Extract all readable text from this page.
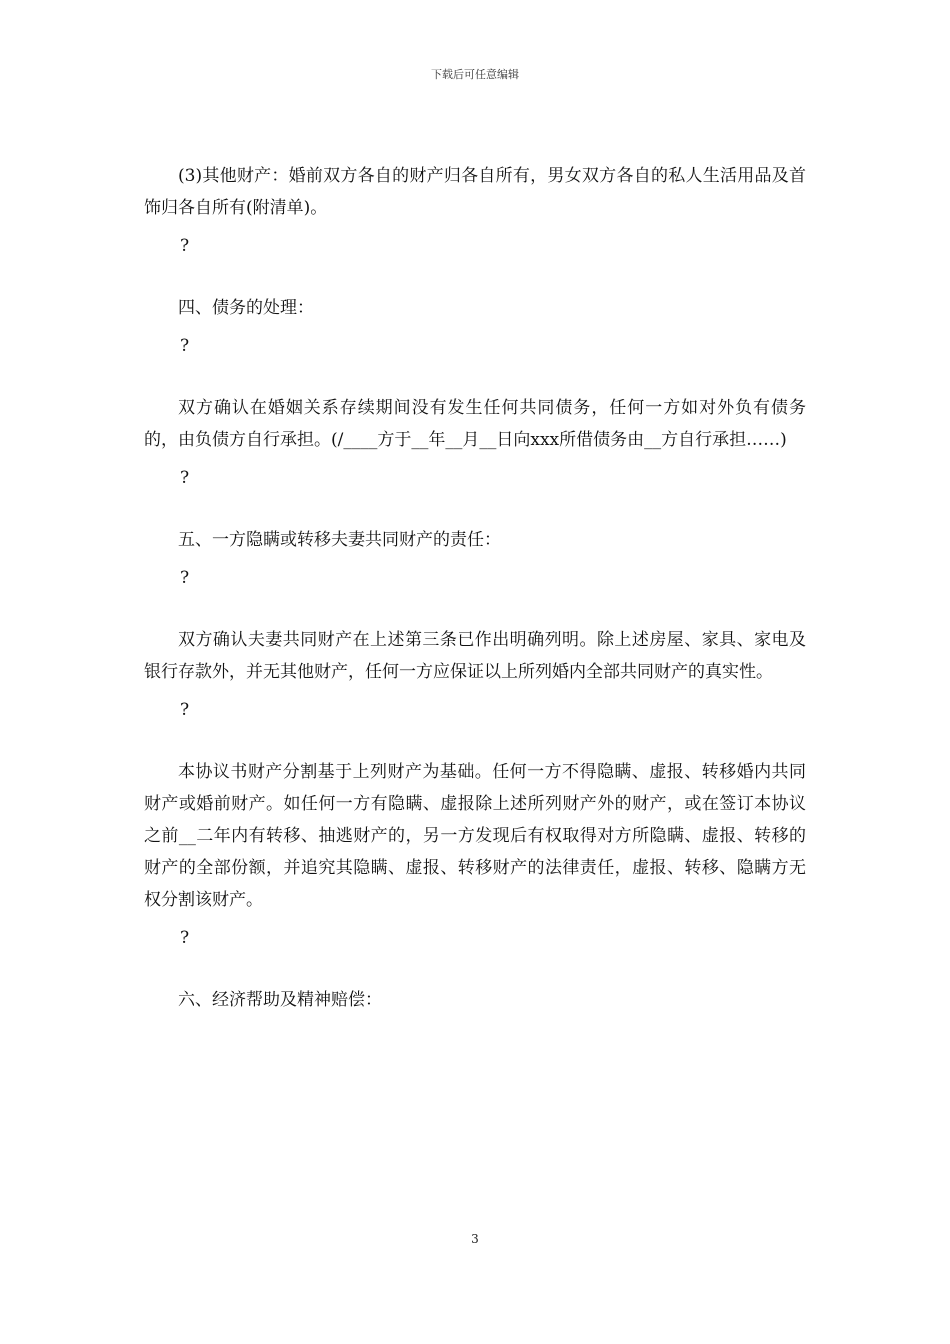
下载后可任意编辑

(3)其他财产：婚前双方各自的财产归各自所有，男女双方各自的私人生活用品及首饰归各自所有(附清单)。

?

四、债务的处理：

?

双方确认在婚姻关系存续期间没有发生任何共同债务，任何一方如对外负有债务的，由负债方自行承担。(/____方于__年__月__日向xxx所借债务由__方自行承担……)

?

五、一方隐瞒或转移夫妻共同财产的责任：

?

双方确认夫妻共同财产在上述第三条已作出明确列明。除上述房屋、家具、家电及银行存款外，并无其他财产，任何一方应保证以上所列婚内全部共同财产的真实性。

?

本协议书财产分割基于上列财产为基础。任何一方不得隐瞒、虚报、转移婚内共同财产或婚前财产。如任何一方有隐瞒、虚报除上述所列财产外的财产，或在签订本协议之前__二年内有转移、抽逃财产的，另一方发现后有权取得对方所隐瞒、虚报、转移的财产的全部份额，并追究其隐瞒、虚报、转移财产的法律责任，虚报、转移、隐瞒方无权分割该财产。

?

六、经济帮助及精神赔偿：

3
